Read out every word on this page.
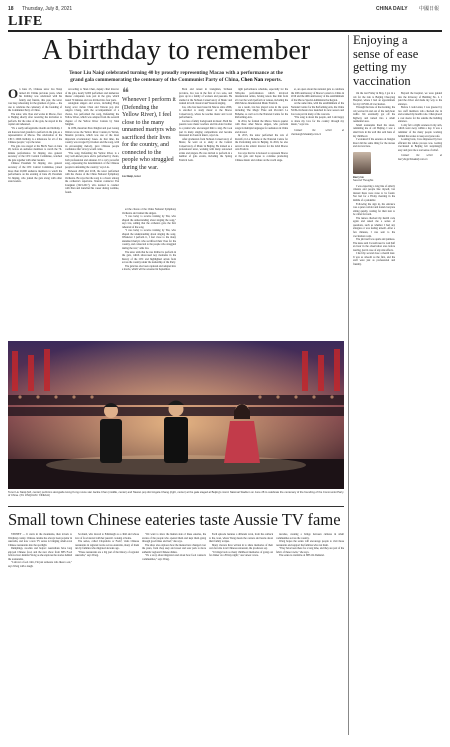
18 Thursday, July 8, 2021	CHINA DAILY 中國日報
LIFE
A birthday to remember
Tenor Liu Naiqi celebrated turning 40 by proudly representing Macao with a performance at the
grand gala commemorating the centenary of the Communist Party of China, Chen Nan reports.
O n June 25, Chinese tenor Liu Naiqi turned 40. Unlike previous years, when his birthday was celebrated with his family and friends, this year, the tenor was busy rehearsing for the grandest of galas — the one to celebrate the centenary of the founding of the Communist Party of China.

The tenor, who lives and works in Macao, flew to Beijing shortly after receiving the invitation to perform. Per the rules of the gala, he stayed in the capital and rehearsed.

"It's a really unforgettable month and birthday. I am honored and grateful to perform in the gala as a representative of Macao. The celebration of the CPC's 100th birthday is a milestone for all of the Chinese people," says the tenor.

The gala was staged at the Bird's Nest on June 28, before an audience members to watch the 70-minute performance. Xi Jinping, also general secretary of the CPC Central Committee, watched the gala together with other leaders.

Chinese President Xi Jinping, also general secretary of the CPC Central Committee, joined more than 20,000 audience members to watch the performance on the evening of June 28, President Xi Jinping, who joined the gala along with other state leaders.

According to Shen Chen, deputy chief director of the gala, nearly 6,000 performers and numerous theater companies took part in the gala, which lasted 70 minutes and was divided into four parts.

Alongside singers and actors, including Hong Kong actor Jackie Chan and Taiwan pop idol Angela Chang, with the accompaniment of a chorus, Liu performed the song, Defending the Yellow River, which was adapted from the seventh chapter of the Yellow River Cantata by Xian Xinghai.

In 1939, musician Xian Xinghai and poet Guang Weiran wrote the Yellow River Cantata in Yan'an, Shaanxi province, which was one of the most important revolutionary bases. At that time, the country was ravaged by invaders and the song, with its encouraging melody, gave Chinese people confidence that victory would come.

"The song, Defending the Yellow River, is a very well-known piece and is performed by choirs, both professional and amateur. It's a very powerful song, expressing the determination of the Chinese people in defending the country," says Liu.

Between 2009 and 2018, the tenor performed with the chorus of the China National Symphony Orchestra. He says that the song is a classic among the orchestra's repertoire. Veteran conductor Yan Liangkun (1923-2017), who learned to conduct with Xian and launched his career during wartime, found-

❝
Whenever I perform it (Defending the Yellow River), I feel close to the many unnamed martyrs who sacrificed their lives for the country, and connected to the people who struggled during the war.
Liu Naiqi, tenor

ed the chorus of the China National Symphony Orchestra and trained the singers.

"I was lucky to receive training by Yan, who shaped the understanding about singing the song," says Liu, adding that the orchestra gave the first rehearsal of the song.

"I was lucky to receive training by Yan, who shaped the understanding about singing the song. Whenever I perform it, I feel close to the many unnamed martyrs who sacrificed their lives for the country, and connected to the people who struggled during the war," adds Liu.

The tenor adds that he was thrilled to perform in the gala, which showcased key moments in the history of the CPC and highlighted artists from across the country under the leadership of the Party.

The gala has also been captured and adapted into a movie, which will be screened in September.

Born and raised in Liangshan, Sichuan province, Liu was in the first of two sons, and grew up in a family of workers and peasants. He studied at the Sichuan Conservatory of Music and trained in both classical and Western singing.

Liu, who has been based in Macao since 2006, is enrolled to study music at the Macao Conservatory, where he teaches music and vocal performance.

Liu has a family background in music. Both his parents were music teachers and his elder brother is a pianist who encouraged him to sing. He took part in many singing competitions and became interested in classical music, says Liu.

After graduation from Sichuan Conservatory of Music, he went on to study at the Central Conservatory of Music in Beijing. He trained as a professional tenor, working with many renowned artists and singers. He was invited to perform in a number of gala events, including the Spring Festival Gala.

tight performance schedule, especially for the 50th-plus performances which involved international artists, having tenors like him from all over the world perform at venues, including the 26th Macao International Music Festival.

As a result, Liu has played roles in the opera including The Magic Flute and Puccini's La Boheme, as well as in the National Centre for the Performing Arts.

In 2014, he formed the Macao Tenors quartet with three other Macao singers, who perform songs in multiple languages for audiences in China and abroad.

In 2015, the tenor performed the role of Rodolfo in La Boheme at the National Centre for the Performing Arts in Beijing. In 2016, he also served as the artistic director for the 22nd Macao Arts Festival.

Liu says that he is honored to represent Macao at the gala and hopes to continue promoting Chinese music and culture on the world stage.

er, an opera about the national gala to celebrate the 20th anniversary of Macao's return to China in 2019 and the 40th anniversary of the establishment of the Macao Special Administrative Region.

At the same time, with the establishment of the National Centre for the Performing Arts, the China NCPA Orchestra has launched its new season and Liu took part in many of the concerts.

"The song is about the people, and I am happy to share my love for the country through my music," says Liu.

Contact the writer at chennan@chinadaily.com.cn

Tenor Liu Naiqi (left, center) performs alongside Hong Kong movie star Jackie Chan (middle, center) and Taiwan pop idol Angela Chang (right, center) at the gala staged at Beijing's iconic National Stadium on June 28 to celebrate the centenary of the founding of the Communist Party of China. (XU JINQUAN / XINHUA)
Enjoying a
sense of ease
getting my
vaccination

On the last Friday in May, I got in a cab for the ride to Beijing Chaoyang Hospital, where I had an appointment for my COVID-19 vaccination.

Through the haze of the morning, the cab weaved in and out of the rush hour traffic. We eventually got off the highway and turned into a small residential area.

Small restaurants lined the street, reminding me of old Beijing. I saw a small hole in the wall that sold buns of my childhood.

I wondered if the eateries on Jiangtai Road did the same thing for the nurses and doctors here.

Barry He
Second Thoughts

I was expecting a long line of elderly citizens and people like myself, but instead there were none to be found. Not bad for a Friday morning in the middle of a pandemic.

Following the sign in, the entrance was a quiet corridor and found everyone sitting quietly, waiting for their turn to be called forward.

The nurses checked my health code again and asked me a series of questions, such as whether I had any allergies or was feeling unwell. After a few minutes, I was sent to the vaccination room.

The jab itself was quick and painless. The nurse said I would need to wait half an hour in the observation area before leaving, just in case of any side effects.

I had my second dose a month later. It was as smooth as the first, and the staff were just as professional and friendly.

Beyond the hospital, we were guided into the driveway of Building No. 2. I paid the driver and made my way to the entrance.

Before I could enter, I was greeted by two staff members who checked me in and scanned my health code. I then placed a coat sleeve for the outside the building entrance.

I only felt a slight soreness in my arm, which went away within a day. It was a reminder of the many people working behind the scenes to keep everyone safe.

Looking back, I was impressed by how efficient the whole process was. Getting vaccinated in Beijing felt surprisingly easy and gave me a real sense of relief.

Contact the writer at barryhe@chinadaily.com.cn

Small town Chinese eateries taste Aussie TV fame

SYDNEY — It starts in the mountains, then travels to Wenjiang county. Chinese cuisine has always been popular in Australia, and now a new TV series is bringing small-town Chinese restaurants into the spotlight.

Dumplings, noodles and hotpot: Australians have long enjoyed Chinese food, and the new show from SBS Food follows host Jennifer Wong as she explores the stories behind the restaurants.

"I am not a food critic, I'm just someone who likes to eat," says Wong with a laugh.

Scotland, who moved to Edinburgh as a child and whose love of food started with her parents' cooking at home.

The series, called Chopsticks or Fork?, visits Chinese restaurants in regional towns across Australia, many of them run by families who migrated decades ago.

"These restaurants are a big part of the history of regional Australia," says Wong.

"We want to show the human side of these eateries, the stories of the people who opened them and kept them going through good times and bad," she says.

The show also explores how the menus have changed over the years, from chop suey and sweet and sour pork to more authentic regional Chinese dishes.

"It's a story about migration and about how food connects communities," says Wong.

Each episode features a different town, from the outback to the coast, where Wong meets the owners and learns about their family recipes.

Many viewers have written in to share memories of their own favorite local Chinese restaurant, the producers say.

"It brings back so many childhood memories of going out for dinner on a Friday night," one viewer wrote.

decades, creating a bridge between cultures in small communities across the country.

Wong hopes the series will encourage people to visit these restaurants and support the families who run them.

"They have been there for a long time, and they are part of the fabric of these towns," she says.

The series is available on SBS On Demand.
